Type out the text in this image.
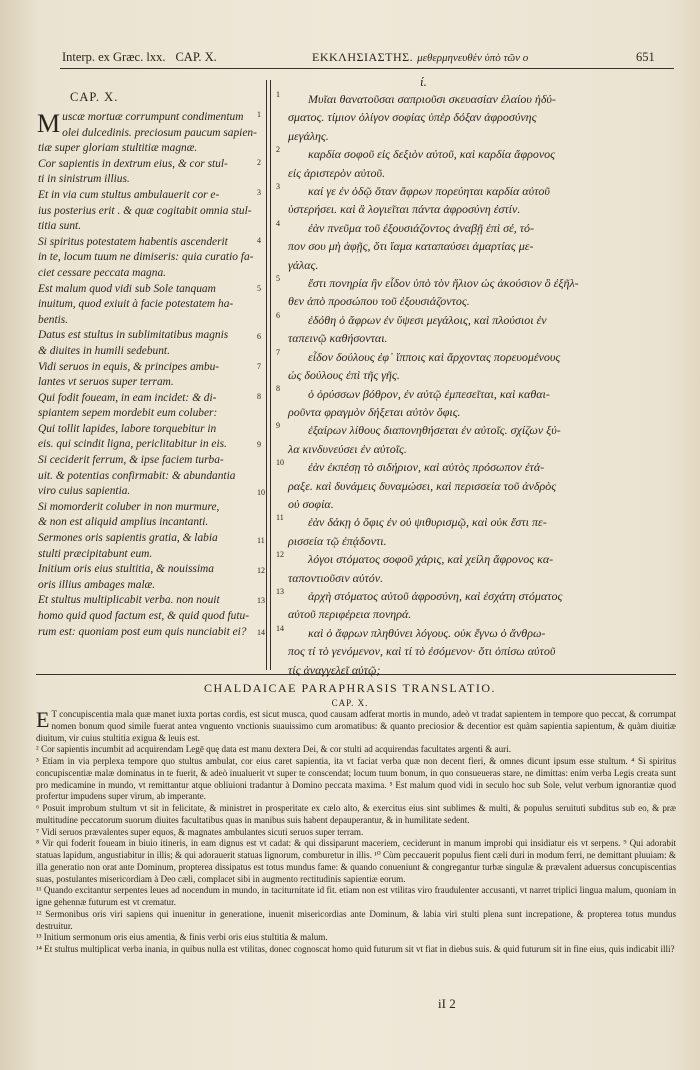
Interp. ex Græc. lxx. CAP. X.	ΕΚΚΛΗΣΙΑΣΤΗΣ. μεθερμηνευθὲν ὑπὸ τῶν ο	651
CAP. X.

Muscæ mortuæ corrumpunt condimentum

olei dulcedinis. preciosum paucum sapien-

tiæ super gloriam stultitiæ magnæ.

Cor sapientis in dextrum eius, & cor stul-

ti in sinistrum illius.

Et in via cum stultus ambulauerit cor e-

ius posterius erit . & quæ cogitabit omnia stul-

titia sunt.

Si spiritus potestatem habentis ascenderit

in te, locum tuum ne dimiseris: quia curatio fa-

ciet cessare peccata magna.

Est malum quod vidi sub Sole tanquam

inuitum, quod exiuit à facie potestatem ha-

bentis.

Datus est stultus in sublimitatibus magnis

& diuites in humili sedebunt.

Vidi seruos in equis, & principes ambu-

lantes vt seruos super terram.

Qui fodit foueam, in eam incidet: & di-

spiantem sepem mordebit eum coluber:

Qui tollit lapides, labore torquebitur in

eis. qui scindit ligna, periclitabitur in eis.

Si ceciderit ferrum, & ipse faciem turba-

uit. & potentias confirmabit: & abundantia

viro cuius sapientia.

Si momorderit coluber in non murmure,

& non est aliquid amplius incantanti.

Sermones oris sapientis gratia, & labia

stulti præcipitabunt eum.

Initium oris eius stultitia, & nouissima

oris illius ambages malæ.

Et stultus multiplicabit verba. non nouit

homo quid quod factum est, & quid quod futu-

rum est: quoniam post eum quis nunciabit ei?

1
2
3
4
5
6
7
8
9
10
11
12
13
14
ί.
1
2
3
4
5
6
7
8
9
10
11
12
13
14

Μυῖαι θανατοῦσαι σαπριοῦσι σκευασίαν ἐλαίου ἡδύ-

σματος. τίμιον ὀλίγον σοφίας ὑπὲρ δόξαν ἀφροσύνης

μεγάλης.

καρδία σοφοῦ εἰς δεξιὸν αὐτοῦ, καὶ καρδία ἄφρονος

εἰς ἀριστερὸν αὐτοῦ.

καί γε ἐν ὁδῷ ὅταν ἄφρων πορεύηται καρδία αὐτοῦ

ὑστερήσει. καὶ ἃ λογιεῖται πάντα ἀφροσύνη ἐστίν.

ἐὰν πνεῦμα τοῦ ἐξουσιάζοντος ἀναβῇ ἐπὶ σέ, τό-

πον σου μὴ ἀφῇς, ὅτι ἴαμα καταπαύσει ἁμαρτίας με-

γάλας.

ἔστι πονηρία ἣν εἶδον ὑπὸ τὸν ἥλιον ὡς ἀκούσιον ὃ ἐξῆλ-

θεν ἀπὸ προσώπου τοῦ ἐξουσιάζοντος.

ἐδόθη ὁ ἄφρων ἐν ὕψεσι μεγάλοις, καὶ πλούσιοι ἐν

ταπεινῷ καθήσονται.

εἶδον δούλους ἐφ᾽ ἵπποις καὶ ἄρχοντας πορευομένους

ὡς δούλους ἐπὶ τῆς γῆς.

ὁ ὀρύσσων βόθρον, ἐν αὐτῷ ἐμπεσεῖται, καὶ καθαι-

ροῦντα φραγμὸν δήξεται αὐτὸν ὄφις.

ἐξαίρων λίθους διαπονηθήσεται ἐν αὐτοῖς. σχίζων ξύ-

λα κινδυνεύσει ἐν αὐτοῖς.

ἐὰν ἐκπέσῃ τὸ σιδήριον, καὶ αὐτὸς πρόσωπον ἐτά-

ραξε. καὶ δυνάμεις δυναμώσει, καὶ περισσεία τοῦ ἀνδρὸς

οὐ σοφία.

ἐὰν δάκῃ ὁ ὄφις ἐν οὐ ψιθυρισμῷ, καὶ οὐκ ἔστι πε-

ρισσεία τῷ ἐπᾴδοντι.

λόγοι στόματος σοφοῦ χάρις, καὶ χείλη ἄφρονος κα-

ταποντιοῦσιν αὐτόν.

ἀρχὴ στόματος αὐτοῦ ἀφροσύνη, καὶ ἐσχάτη στόματος

αὐτοῦ περιφέρεια πονηρά.

καὶ ὁ ἄφρων πληθύνει λόγους. οὐκ ἔγνω ὁ ἄνθρω-

πος τί τὸ γενόμενον, καὶ τί τὸ ἐσόμενον· ὅτι ὀπίσω αὐτοῦ

τίς ἀναγγελεῖ αὐτῷ;

CHALDAICAE PARAPHRASIS TRANSLATIO.
CAP. X.

ET concupiscentia mala quæ manet iuxta portas cordis, est sicut musca, quod causam adferat mortis in mundo, adeò vt tradat sapientem in tempore quo peccat, & corrumpat nomen bonum quod simile fuerat antea vnguento vnctionis suauissimo cum aromatibus: & quanto preciosior & decentior est quàm sapientia sapientum, & quàm diuitiæ diuitum, vir cuius stultitia exigua & leuis est.

² Cor sapientis incumbit ad acquirendam Legē quę data est manu dextera Dei, & cor stulti ad acquirendas facultates argenti & auri.

³ Etiam in via perplexa tempore quo stultus ambulat, cor eius caret sapientia, ita vt faciat verba quæ non decent fieri, & omnes dicunt ipsum esse stultum. ⁴ Si spiritus concupiscentiæ malæ dominatus in te fuerit, & adeò inualuerit vt super te conscendat; locum tuum bonum, in quo consueueras stare, ne dimittas: enim verba Legis creata sunt pro medicamine in mundo, vt remittantur atque obliuioni tradantur à Domino peccata maxima. ⁵ Est malum quod vidi in seculo hoc sub Sole, velut verbum ignorantiæ quod profertur impudens super virum, ab imperante.

⁶ Posuit improbum stultum vt sit in felicitate, & ministret in prosperitate ex cælo alto, & exercitus eius sint sublimes & multi, & populus seruituti subditus sub eo, & præ multitudine peccatorum suorum diuites facultatibus quas in manibus suis habent depauperantur, & in humilitate sedent.

⁷ Vidi seruos prævalentes super equos, & magnates ambulantes sicuti seruos super terram.

⁸ Vir qui foderit foueam in biuio itineris, in eam dignus est vt cadat: & qui dissiparunt maceriem, ceciderunt in manum improbi qui insidiatur eis vt serpens. ⁹ Qui adorabit statuas lapidum, angustiabitur in illis; & qui adorauerit statuas lignorum, comburetur in illis. ¹⁰ Cùm peccauerit populus fient cæli duri in modum ferri, ne demittant pluuiam: & illa generatio non orat ante Dominum, propterea dissipatus est totus mundus fame: & quando conueniunt & congregantur turbæ singulæ & prævalent aduersus concupiscentias suas, postulantes misericordiam à Deo cæli, complacet sibi in augmento rectitudinis sapientiæ eorum.

¹¹ Quando excitantur serpentes leues ad nocendum in mundo, in taciturnitate id fit. etiam non est vtilitas viro fraudulenter accusanti, vt narret triplici lingua malum, quoniam in igne gehennæ futurum est vt crematur.

¹² Sermonibus oris viri sapiens qui inuenitur in generatione, inuenit misericordias ante Dominum, & labia viri stulti plena sunt increpatione, & propterea totus mundus destruitur.

¹³ Initium sermonum oris eius amentia, & finis verbi oris eius stultitia & malum.

¹⁴ Et stultus multiplicat verba inania, in quibus nulla est vtilitas, donec cognoscat homo quid futurum sit vt fiat in diebus suis. & quid futurum sit in fine eius, quis indicabit illi?

iI 2
